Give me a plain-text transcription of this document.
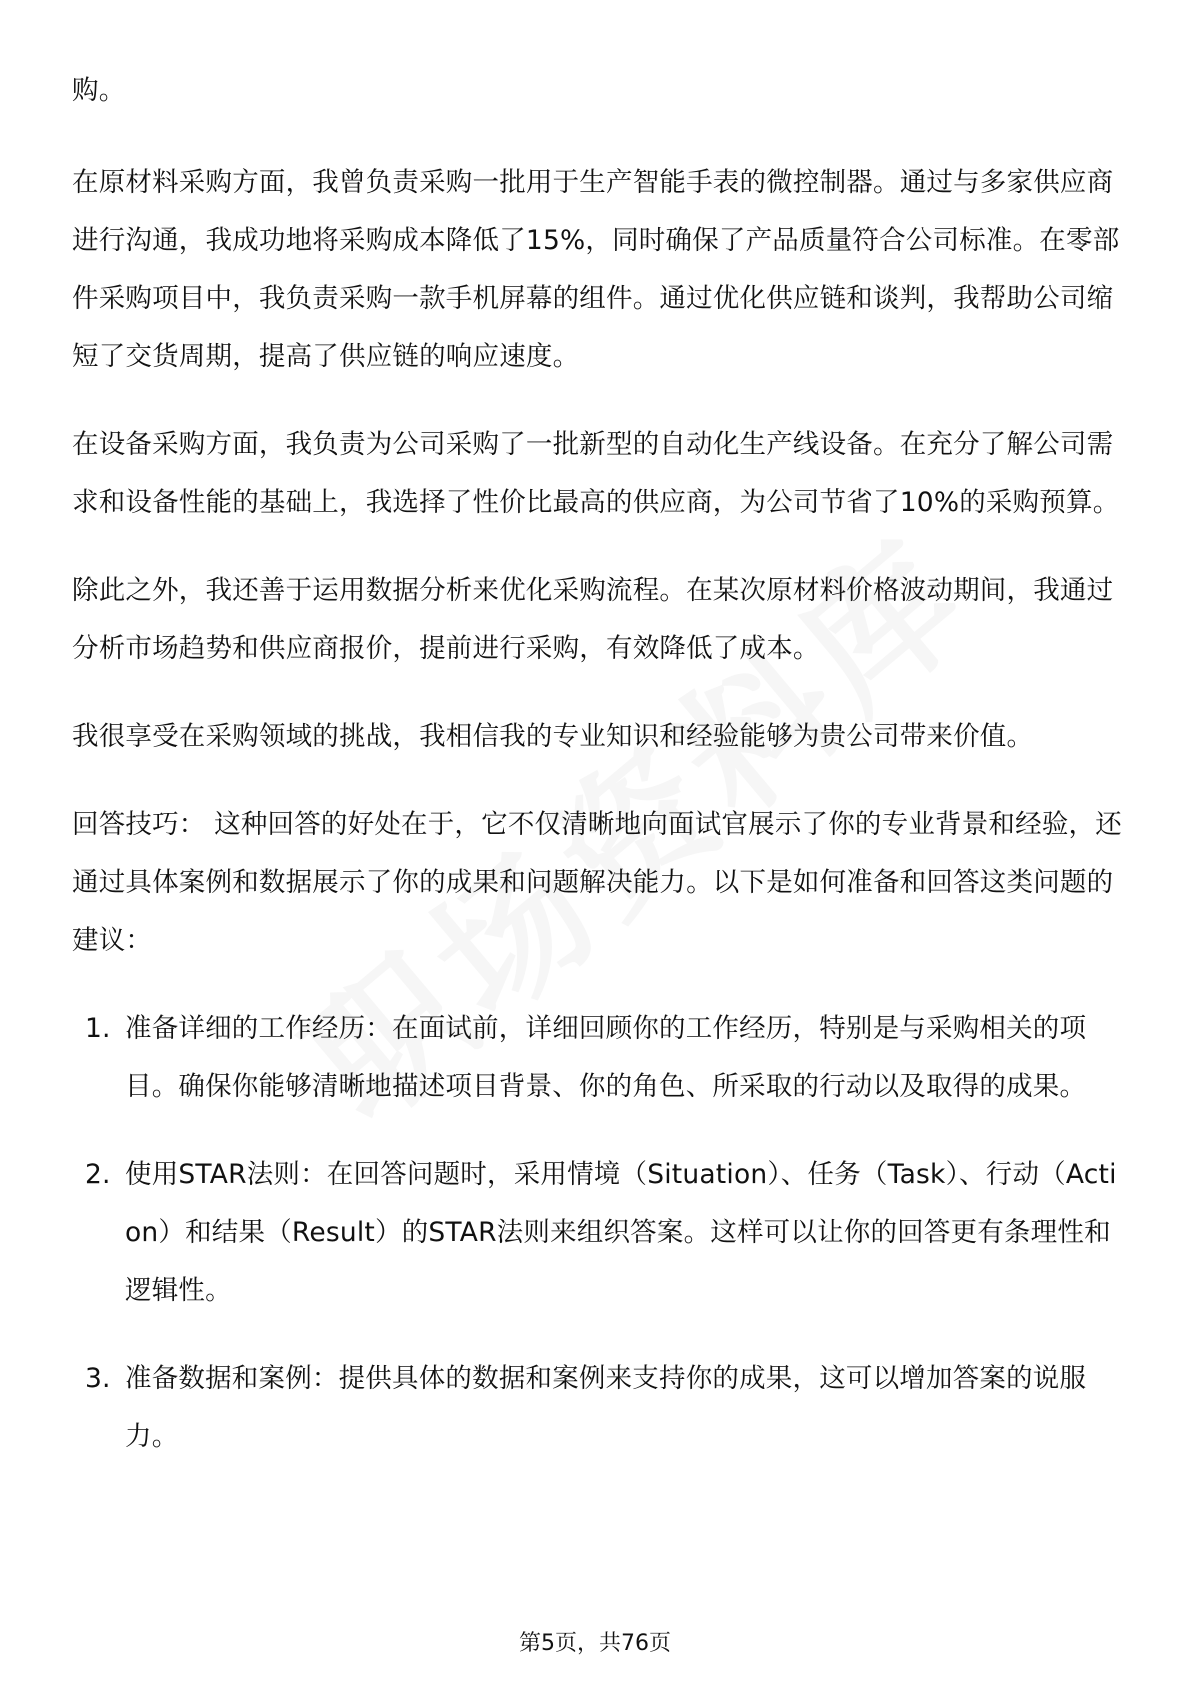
购。

在原材料采购方面，我曾负责采购一批用于生产智能手表的微控制器。通过与多家供应商进行沟通，我成功地将采购成本降低了15%，同时确保了产品质量符合公司标准。在零部件采购项目中，我负责采购一款手机屏幕的组件。通过优化供应链和谈判，我帮助公司缩短了交货周期，提高了供应链的响应速度。

在设备采购方面，我负责为公司采购了一批新型的自动化生产线设备。在充分了解公司需求和设备性能的基础上，我选择了性价比最高的供应商，为公司节省了10%的采购预算。

除此之外，我还善于运用数据分析来优化采购流程。在某次原材料价格波动期间，我通过分析市场趋势和供应商报价，提前进行采购，有效降低了成本。

我很享受在采购领域的挑战，我相信我的专业知识和经验能够为贵公司带来价值。

回答技巧： 这种回答的好处在于，它不仅清晰地向面试官展示了你的专业背景和经验，还通过具体案例和数据展示了你的成果和问题解决能力。以下是如何准备和回答这类问题的建议：

1. 准备详细的工作经历：在面试前，详细回顾你的工作经历，特别是与采购相关的项目。确保你能够清晰地描述项目背景、你的角色、所采取的行动以及取得的成果。
2. 使用STAR法则：在回答问题时，采用情境（Situation）、任务（Task）、行动（Action）和结果（Result）的STAR法则来组织答案。这样可以让你的回答更有条理性和逻辑性。
3. 准备数据和案例：提供具体的数据和案例来支持你的成果，这可以增加答案的说服力。
第5页，共76页
